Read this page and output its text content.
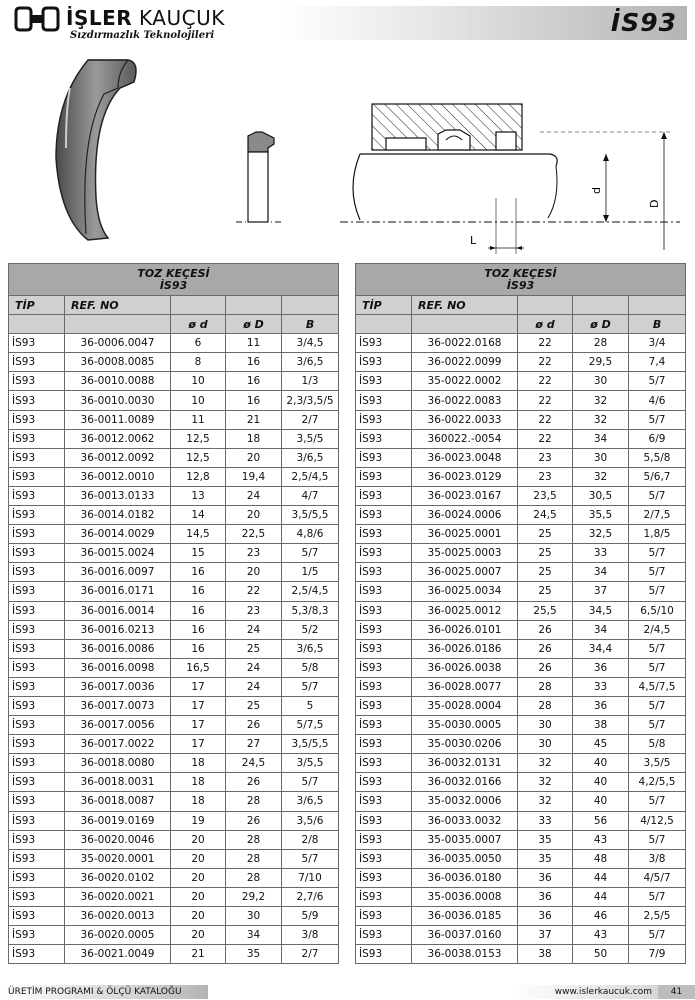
İŞLER KAUÇUK
Sızdırmazlık Teknolojileri	İS93
L
d
D
TOZ KEÇESİ
İS93				

TİP	REF. NO			
		ø d	ø D	B
İS93	36-0006.0047	6	11	3/4,5
İS93	36-0008.0085	8	16	3/6,5
İS93	36-0010.0088	10	16	1/3
İS93	36-0010.0030	10	16	2,3/3,5/5
İS93	36-0011.0089	11	21	2/7
İS93	36-0012.0062	12,5	18	3,5/5
İS93	36-0012.0092	12,5	20	3/6,5
İS93	36-0012.0010	12,8	19,4	2,5/4,5
İS93	36-0013.0133	13	24	4/7
İS93	36-0014.0182	14	20	3,5/5,5
İS93	36-0014.0029	14,5	22,5	4,8/6
İS93	36-0015.0024	15	23	5/7
İS93	36-0016.0097	16	20	1/5
İS93	36-0016.0171	16	22	2,5/4,5
İS93	36-0016.0014	16	23	5,3/8,3
İS93	36-0016.0213	16	24	5/2
İS93	36-0016.0086	16	25	3/6,5
İS93	36-0016.0098	16,5	24	5/8
İS93	36-0017.0036	17	24	5/7
İS93	36-0017.0073	17	25	5
İS93	36-0017.0056	17	26	5/7,5
İS93	36-0017.0022	17	27	3,5/5,5
İS93	36-0018.0080	18	24,5	3/5,5
İS93	36-0018.0031	18	26	5/7
İS93	36-0018.0087	18	28	3/6,5
İS93	36-0019.0169	19	26	3,5/6
İS93	36-0020.0046	20	28	2/8
İS93	35-0020.0001	20	28	5/7
İS93	36-0020.0102	20	28	7/10
İS93	36-0020.0021	20	29,2	2,7/6
İS93	36-0020.0013	20	30	5/9
İS93	36-0020.0005	20	34	3/8
İS93	36-0021.0049	21	35	2/7
TOZ KEÇESİ
İS93				

TİP	REF. NO			
		ø d	ø D	B
İS93	36-0022.0168	22	28	3/4
İS93	36-0022.0099	22	29,5	7,4
İS93	35-0022.0002	22	30	5/7
İS93	36-0022.0083	22	32	4/6
İS93	36-0022.0033	22	32	5/7
İS93	360022.-0054	22	34	6/9
İS93	36-0023.0048	23	30	5,5/8
İS93	36-0023.0129	23	32	5/6,7
İS93	36-0023.0167	23,5	30,5	5/7
İS93	36-0024.0006	24,5	35,5	2/7,5
İS93	36-0025.0001	25	32,5	1,8/5
İS93	35-0025.0003	25	33	5/7
İS93	36-0025.0007	25	34	5/7
İS93	36-0025.0034	25	37	5/7
İS93	36-0025.0012	25,5	34,5	6,5/10
İS93	36-0026.0101	26	34	2/4,5
İS93	36-0026.0186	26	34,4	5/7
İS93	36-0026.0038	26	36	5/7
İS93	36-0028.0077	28	33	4,5/7,5
İS93	35-0028.0004	28	36	5/7
İS93	35-0030.0005	30	38	5/7
İS93	35-0030.0206	30	45	5/8
İS93	36-0032.0131	32	40	3,5/5
İS93	36-0032.0166	32	40	4,2/5,5
İS93	35-0032.0006	32	40	5/7
İS93	36-0033.0032	33	56	4/12,5
İS93	35-0035.0007	35	43	5/7
İS93	36-0035.0050	35	48	3/8
İS93	36-0036.0180	36	44	4/5/7
İS93	35-0036.0008	36	44	5/7
İS93	36-0036.0185	36	46	2,5/5
İS93	36-0037.0160	37	43	5/7
İS93	36-0038.0153	38	50	7/9
ÜRETİM PROGRAMI & ÖLÇÜ KATALOĞU	www.islerkaucuk.com	41
